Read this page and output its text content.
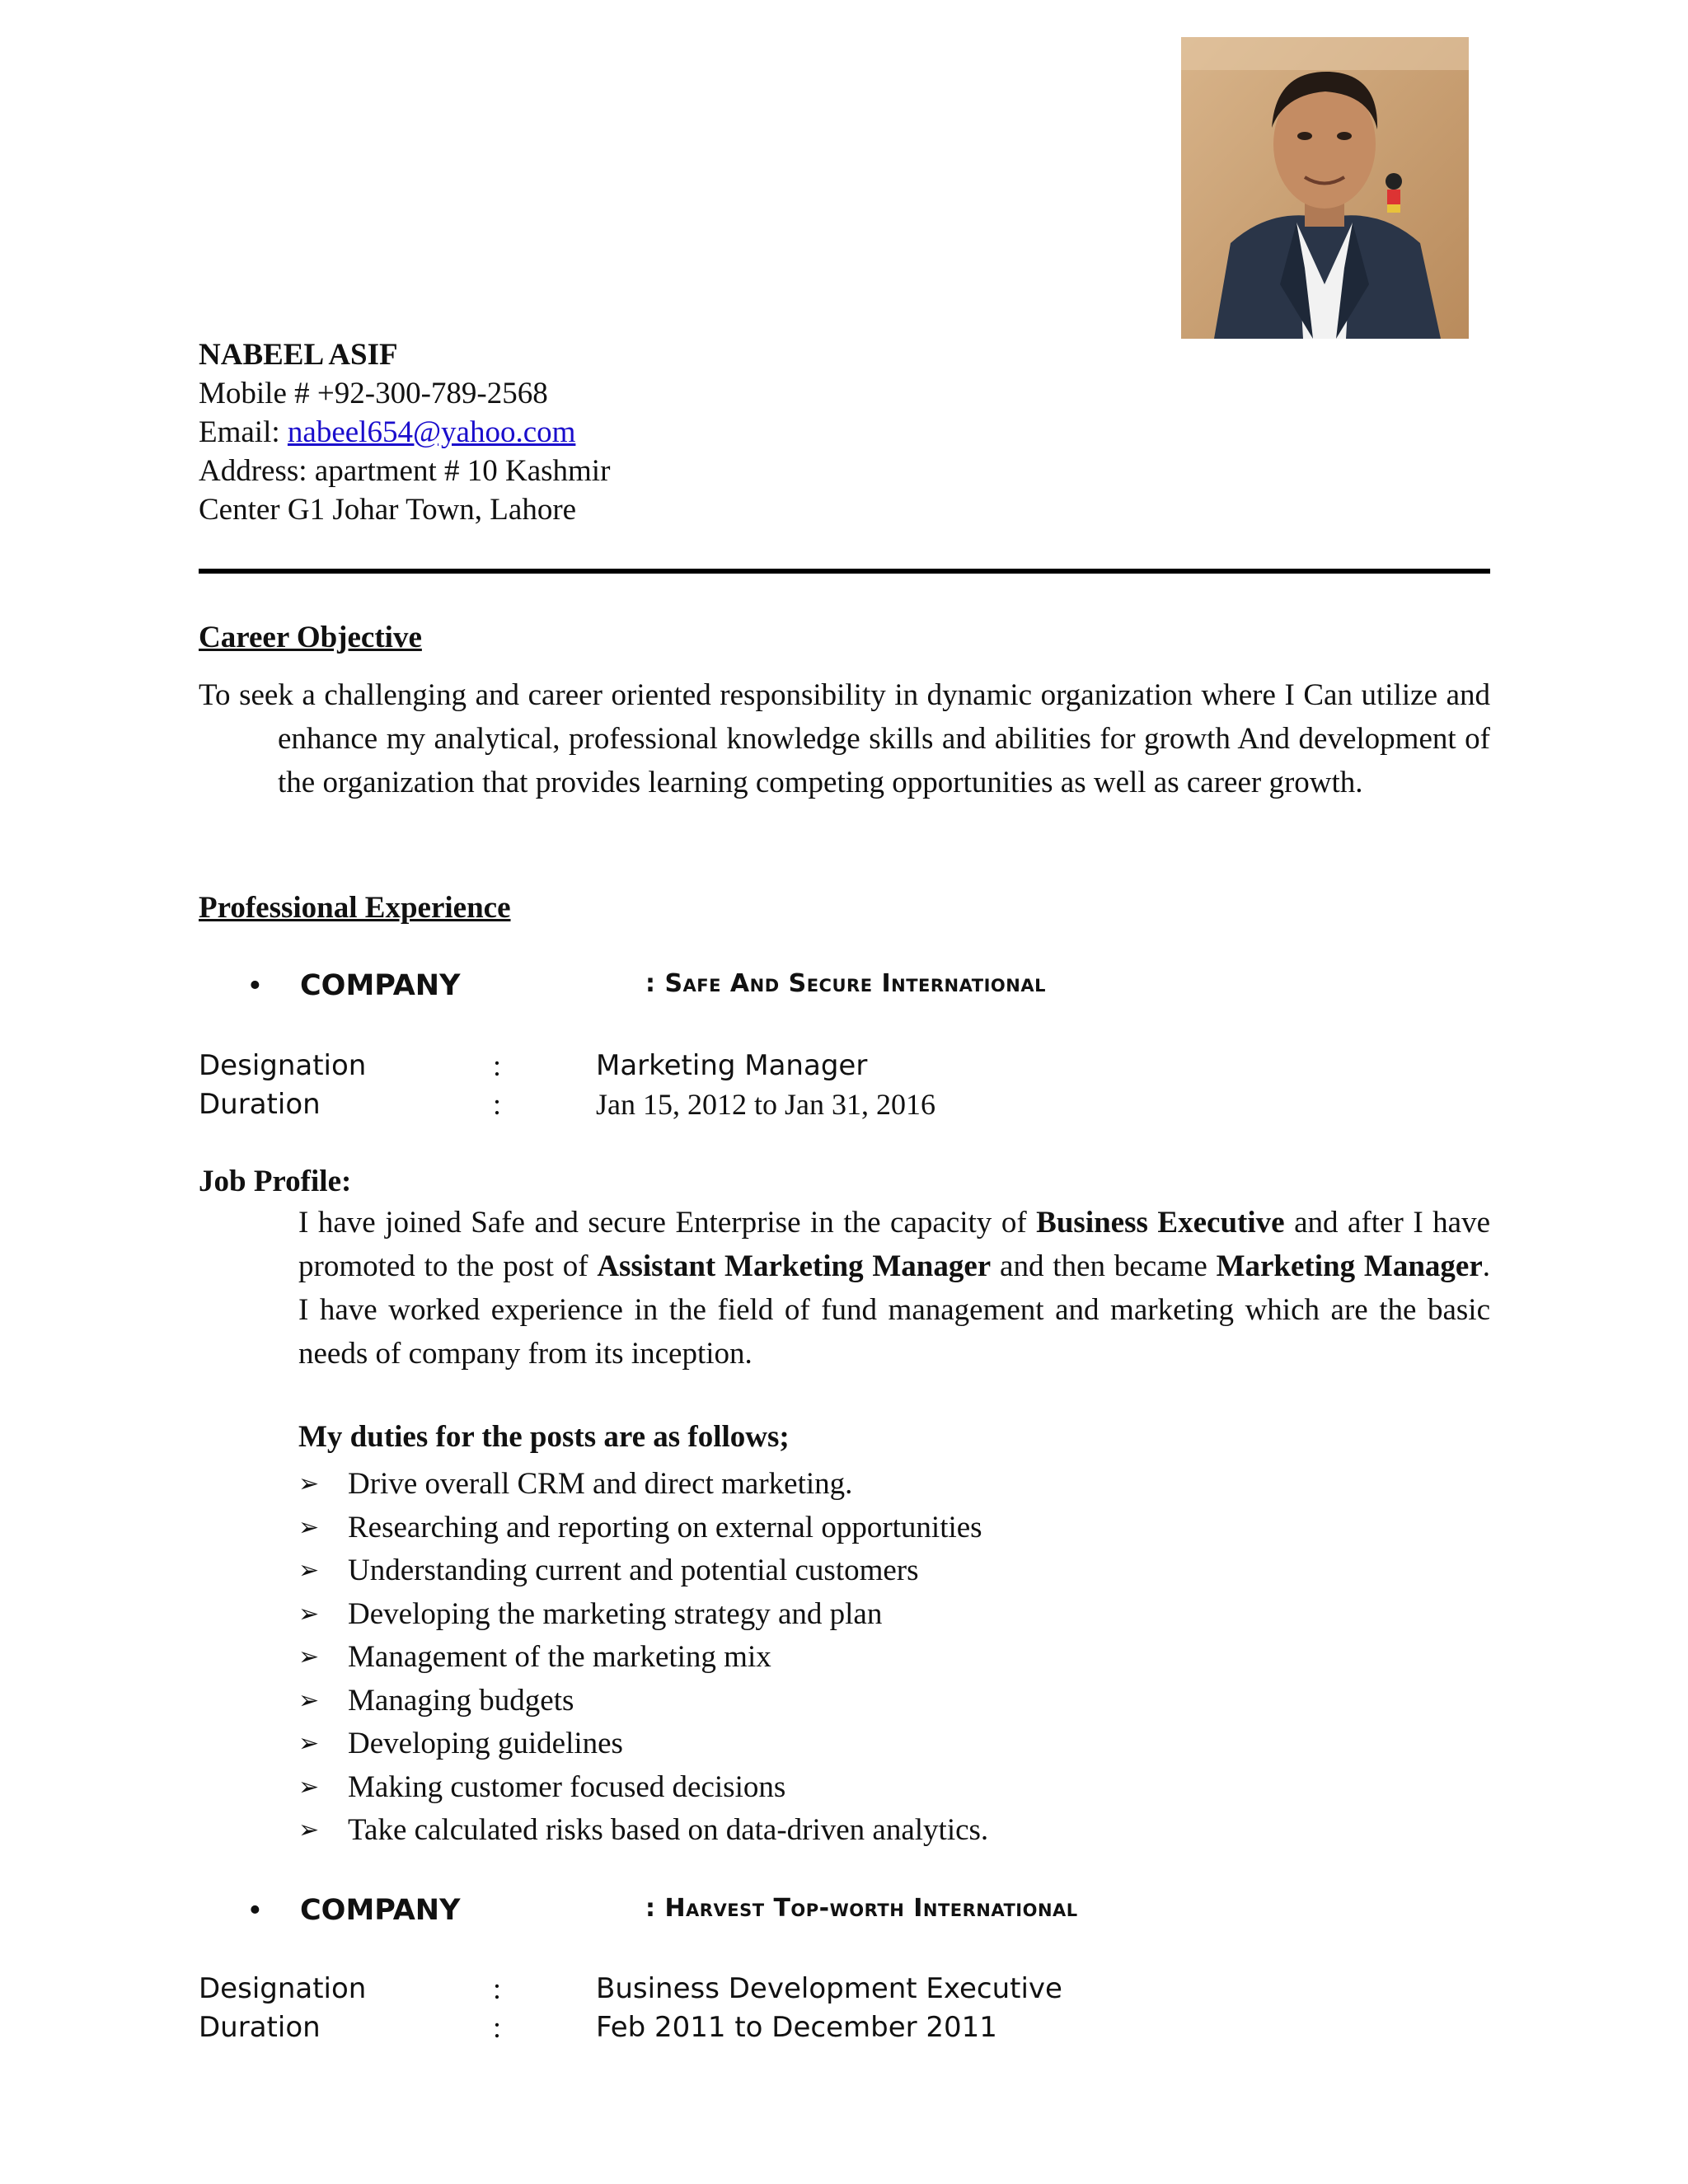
NABEEL ASIF
Mobile # +92-300-789-2568
Email: nabeel654@yahoo.com
Address: apartment # 10 Kashmir
Center G1 Johar Town, Lahore
Career Objective
To seek a challenging and career oriented responsibility in dynamic organization where I Can utilize and enhance my analytical, professional knowledge skills and abilities for growth And development of the organization that provides learning competing opportunities as well as career growth.
Professional Experience
• COMPANY	: Safe And Secure International
Designation	:	Marketing Manager
Duration	:	Jan 15, 2012 to Jan 31, 2016
Job Profile:
I have joined Safe and secure Enterprise in the capacity of Business Executive and after I have promoted to the post of Assistant Marketing Manager and then became Marketing Manager. I have worked experience in the field of fund management and marketing which are the basic needs of company from its inception.
My duties for the posts are as follows;
➢ Drive overall CRM and direct marketing.
➢ Researching and reporting on external opportunities
➢ Understanding current and potential customers
➢ Developing the marketing strategy and plan
➢ Management of the marketing mix
➢ Managing budgets
➢ Developing guidelines
➢ Making customer focused decisions
➢ Take calculated risks based on data-driven analytics.
• COMPANY	: Harvest Top-worth International
Designation	:	Business Development Executive
Duration	:	Feb 2011 to December 2011
